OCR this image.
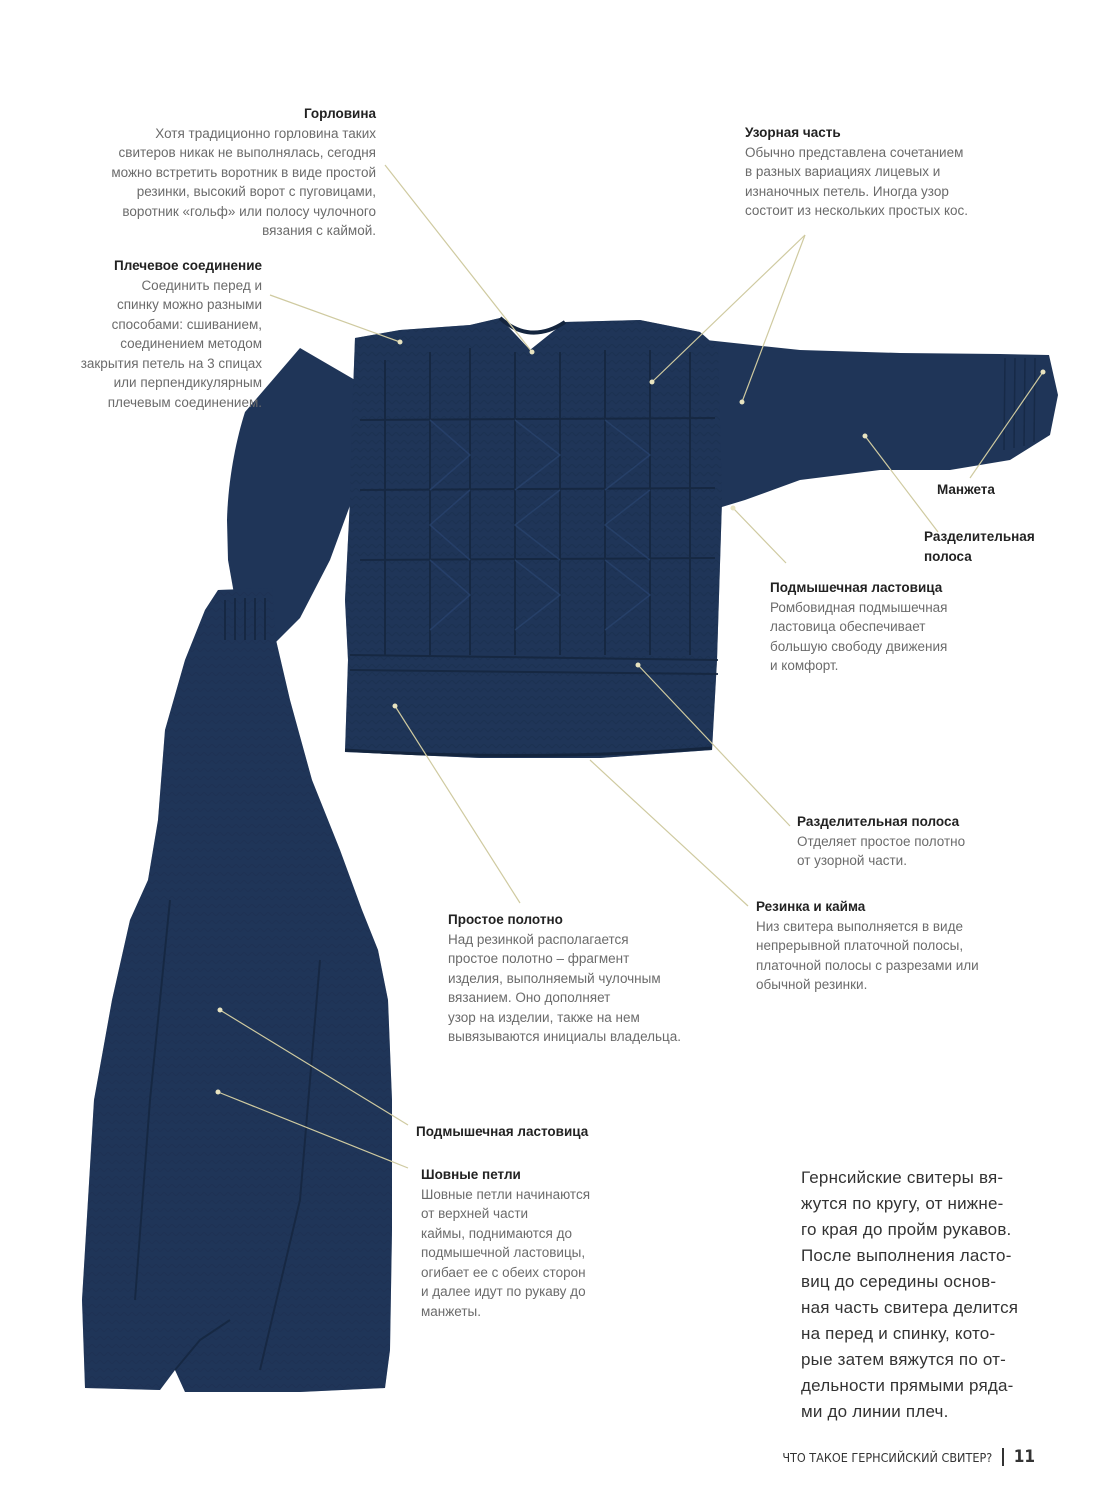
Горловина
Хотя традиционно горловина таких
свитеров никак не выполнялась, сегодня
можно встретить воротник в виде простой
резинки, высокий ворот с пуговицами,
воротник «гольф» или полосу чулочного
вязания с каймой.
Узорная часть
Обычно представлена сочетанием
в разных вариациях лицевых и
изнаночных петель. Иногда узор
состоит из нескольких простых кос.
Плечевое соединение
Соединить перед и
спинку можно разными
способами: сшиванием,
соединением методом
закрытия петель на 3 спицах
или перпендикулярным
плечевым соединением.
Манжета
Разделительная
полоса
Подмышечная ластовица
Ромбовидная подмышечная
ластовица обеспечивает
большую свободу движения
и комфорт.
Разделительная полоса
Отделяет простое полотно
от узорной части.
Резинка и кайма
Низ свитера выполняется в виде
непрерывной платочной полосы,
платочной полосы с разрезами или
обычной резинки.
Простое полотно
Над резинкой располагается
простое полотно – фрагмент
изделия, выполняемый чулочным
вязанием. Оно дополняет
узор на изделии, также на нем
вывязываются инициалы владельца.
Подмышечная ластовица
Шовные петли
Шовные петли начинаются
от верхней части
каймы, поднимаются до
подмышечной ластовицы,
огибает ее с обеих сторон
и далее идут по рукаву до
манжеты.
Гернсийские свитеры вя-
жутся по кругу, от нижне-
го края до пройм рукавов.
После выполнения ласто-
виц до середины основ-
ная часть свитера делится
на перед и спинку, кото-
рые затем вяжутся по от-
дельности прямыми ряда-
ми до линии плеч.
ЧТО ТАКОЕ ГЕРНСИЙСКИЙ СВИТЕР? 11
